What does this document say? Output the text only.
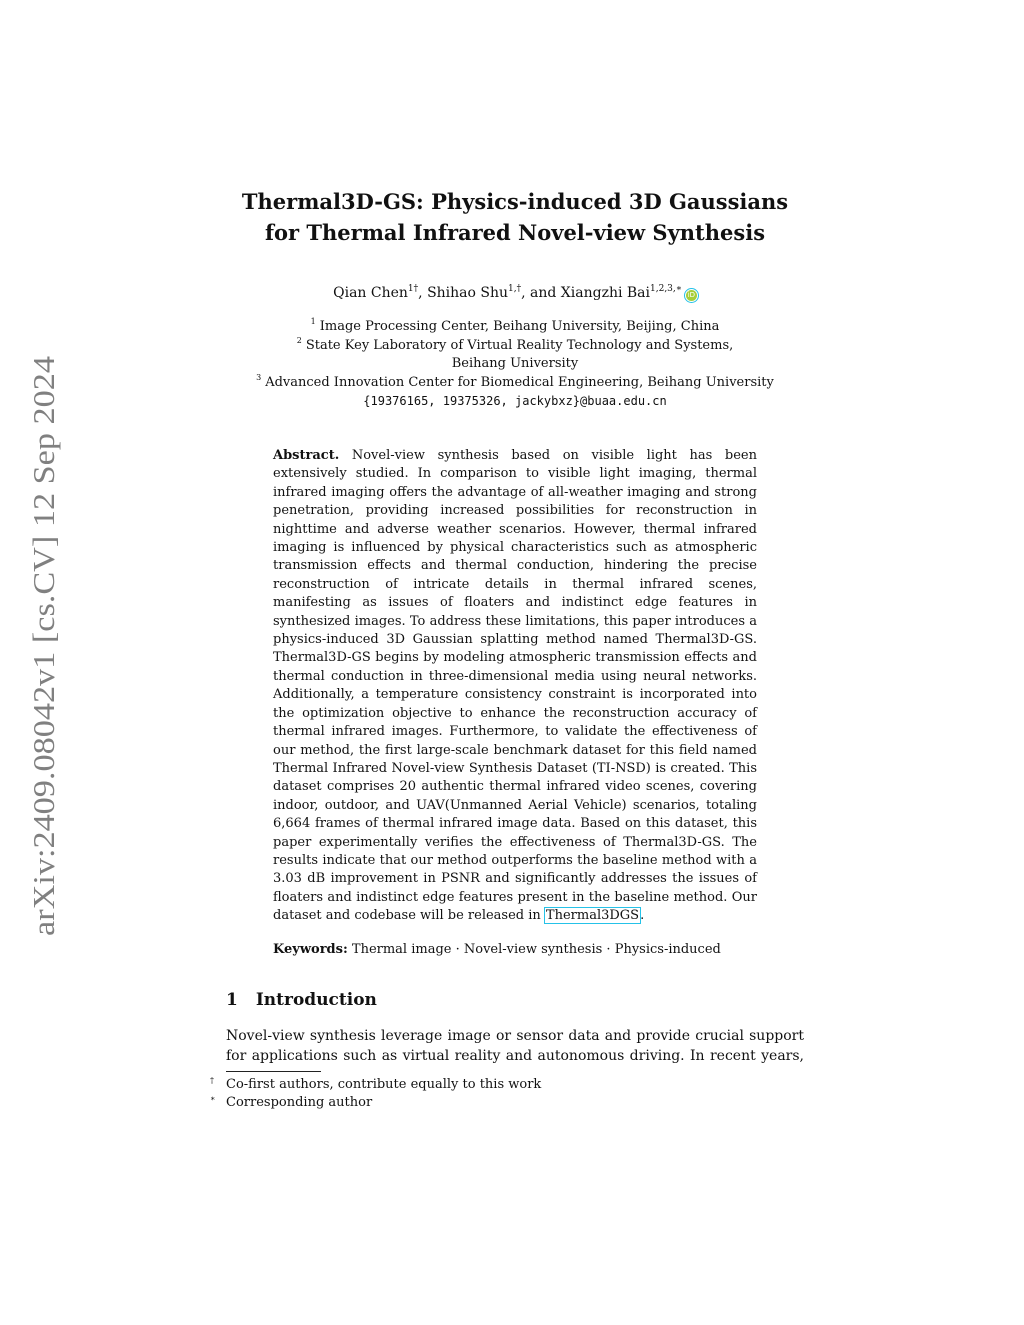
arXiv:2409.08042v1 [cs.CV] 12 Sep 2024
Thermal3D-GS: Physics-induced 3D Gaussians
for Thermal Infrared Novel-view Synthesis
Qian Chen$^{1\dagger}$, Shihao Shu$^{1,\dagger}$, and Xiangzhi Bai$^{1,2,3,∗}$iD
$^1$ Image Processing Center, Beihang University, Beijing, China
$^2$ State Key Laboratory of Virtual Reality Technology and Systems,
Beihang University
$^3$ Advanced Innovation Center for Biomedical Engineering, Beihang University
{19376165, 19375326, jackybxz}@buaa.edu.cn
Abstract. Novel-view synthesis based on visible light has been extensively studied. In comparison to visible light imaging, thermal infrared imaging offers the advantage of all-weather imaging and strong penetration, providing increased possibilities for reconstruction in nighttime and adverse weather scenarios. However, thermal infrared imaging is influenced by physical characteristics such as atmospheric transmission effects and thermal conduction, hindering the precise reconstruction of intricate details in thermal infrared scenes, manifesting as issues of floaters and indistinct edge features in synthesized images. To address these limitations, this paper introduces a physics-induced 3D Gaussian splatting method named Thermal3D-GS. Thermal3D-GS begins by modeling atmospheric transmission effects and thermal conduction in three-dimensional media using neural networks. Additionally, a temperature consistency constraint is incorporated into the optimization objective to enhance the reconstruction accuracy of thermal infrared images. Furthermore, to validate the effectiveness of our method, the first large-scale benchmark dataset for this field named Thermal Infrared Novel-view Synthesis Dataset (TI-NSD) is created. This dataset comprises 20 authentic thermal infrared video scenes, covering indoor, outdoor, and UAV(Unmanned Aerial Vehicle) scenarios, totaling 6,664 frames of thermal infrared image data. Based on this dataset, this paper experimentally verifies the effectiveness of Thermal3D-GS. The results indicate that our method outperforms the baseline method with a 3.03 dB improvement in PSNR and significantly addresses the issues of floaters and indistinct edge features present in the baseline method. Our dataset and codebase will be released in Thermal3DGS.
Keywords: Thermal image · Novel-view synthesis · Physics-induced
1 Introduction
Novel-view synthesis leverage image or sensor data and provide crucial support
for applications such as virtual reality and autonomous driving. In recent years,
† Co-first authors, contribute equally to this work
∗ Corresponding author
